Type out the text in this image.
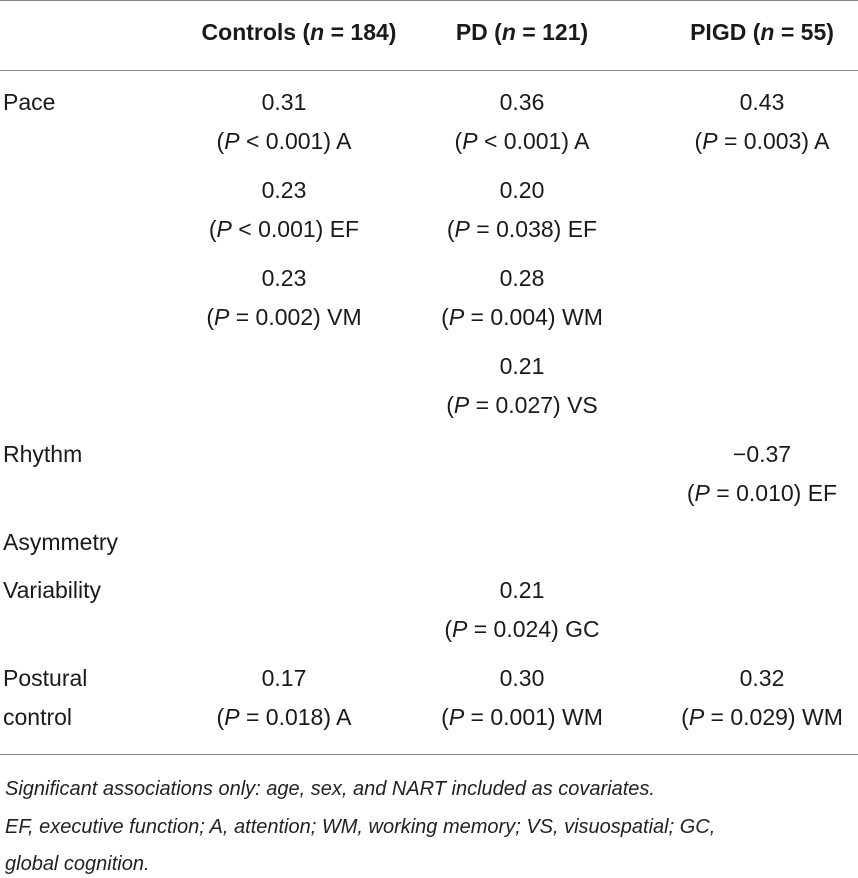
Controls (n = 184)	PD (n = 121)	PIGD (n = 55)
Pace
Rhythm
Asymmetry
Variability
Postural
control
0.31
(P < 0.001) A
0.23
(P < 0.001) EF
0.23
(P = 0.002) VM
0.17
(P = 0.018) A
0.36
(P < 0.001) A
0.20
(P = 0.038) EF
0.28
(P = 0.004) WM
0.21
(P = 0.027) VS
0.21
(P = 0.024) GC
0.30
(P = 0.001) WM
0.43
(P = 0.003) A
−0.37
(P = 0.010) EF
0.32
(P = 0.029) WM
Significant associations only: age, sex, and NART included as covariates.
EF, executive function; A, attention; WM, working memory; VS, visuospatial; GC,
global cognition.
